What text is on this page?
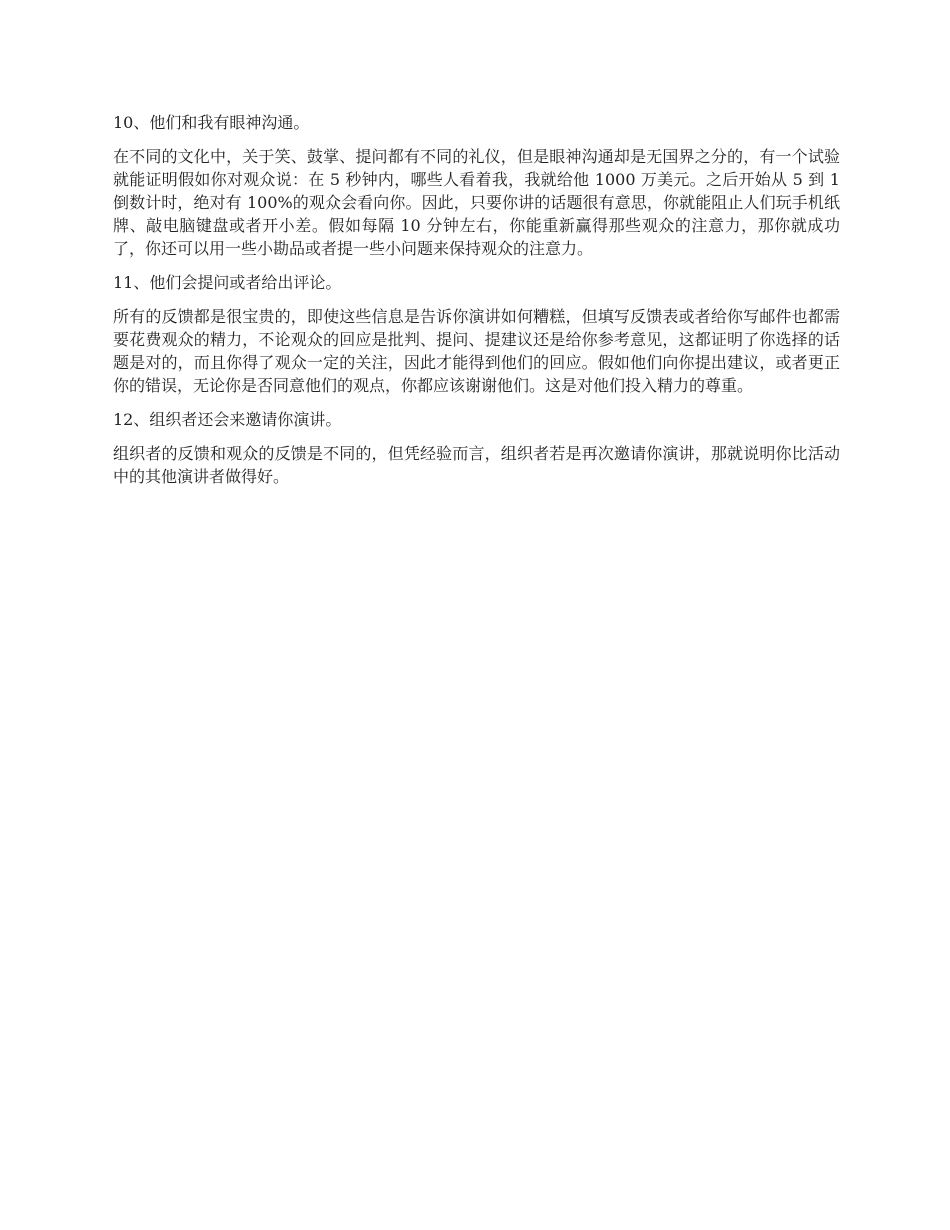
10、他们和我有眼神沟通。

在不同的文化中，关于笑、鼓掌、提问都有不同的礼仪，但是眼神沟通却是无国界之分的，有一个试验就能证明假如你对观众说：在 5 秒钟内，哪些人看着我，我就给他 1000 万美元。之后开始从 5 到 1 倒数计时，绝对有 100%的观众会看向你。因此，只要你讲的话题很有意思，你就能阻止人们玩手机纸牌、敲电脑键盘或者开小差。假如每隔 10 分钟左右，你能重新赢得那些观众的注意力，那你就成功了，你还可以用一些小勘品或者提一些小问题来保持观众的注意力。

11、他们会提问或者给出评论。

所有的反馈都是很宝贵的，即使这些信息是告诉你演讲如何糟糕，但填写反馈表或者给你写邮件也都需要花费观众的精力，不论观众的回应是批判、提问、提建议还是给你参考意见，这都证明了你选择的话题是对的，而且你得了观众一定的关注，因此才能得到他们的回应。假如他们向你提出建议，或者更正你的错误，无论你是否同意他们的观点，你都应该谢谢他们。这是对他们投入精力的尊重。

12、组织者还会来邀请你演讲。

组织者的反馈和观众的反馈是不同的，但凭经验而言，组织者若是再次邀请你演讲，那就说明你比活动中的其他演讲者做得好。
